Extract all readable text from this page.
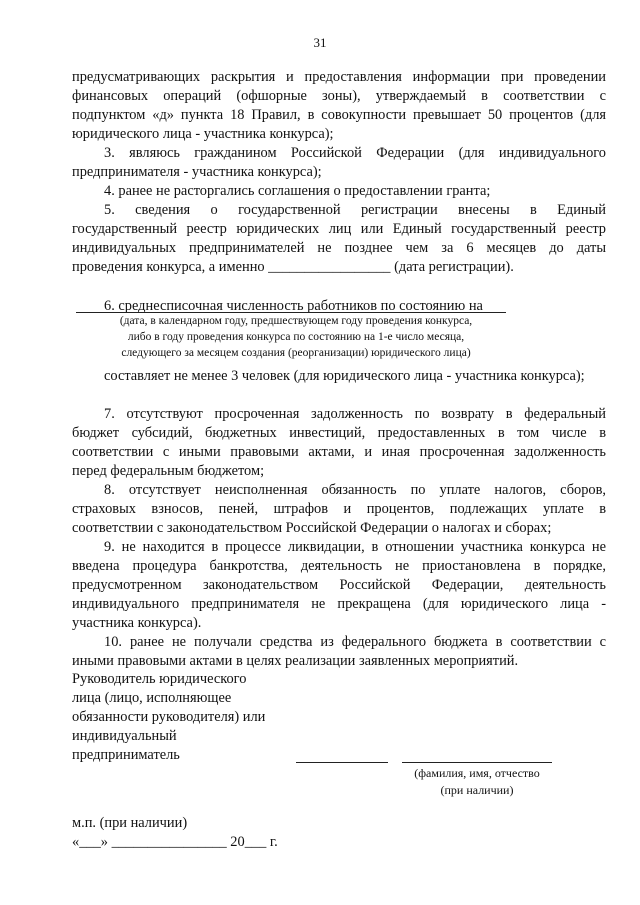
31
предусматривающих раскрытия и предоставления информации при проведении
финансовых операций (офшорные зоны), утверждаемый в соответствии с
подпунктом «д» пункта 18 Правил, в совокупности превышает 50 процентов (для
юридического лица - участника конкурса);
3. являюсь гражданином Российской Федерации (для индивидуального
предпринимателя - участника конкурса);
4. ранее не расторгались соглашения о предоставлении гранта;
5. сведения о государственной регистрации внесены в Единый
государственный реестр юридических лиц или Единый государственный реестр
индивидуальных предпринимателей не позднее чем за 6 месяцев до даты
проведения конкурса, а именно _________________ (дата регистрации).
6. среднесписочная численность работников по состоянию на
(дата, в календарном году, предшествующем году проведения конкурса,
либо в году проведения конкурса по состоянию на 1-е число месяца,
следующего за месяцем создания (реорганизации) юридического лица)
составляет не менее 3 человек (для юридического лица - участника конкурса);
7. отсутствуют просроченная задолженность по возврату в федеральный
бюджет субсидий, бюджетных инвестиций, предоставленных в том числе в
соответствии с иными правовыми актами, и иная просроченная задолженность
перед федеральным бюджетом;
8. отсутствует неисполненная обязанность по уплате налогов, сборов,
страховых взносов, пеней, штрафов и процентов, подлежащих уплате в
соответствии с законодательством Российской Федерации о налогах и сборах;
9. не находится в процессе ликвидации, в отношении участника конкурса не
введена процедура банкротства, деятельность не приостановлена в порядке,
предусмотренном законодательством Российской Федерации, деятельность
индивидуального предпринимателя не прекращена (для юридического лица -
участника конкурса).
10. ранее не получали средства из федерального бюджета в соответствии с
иными правовыми актами в целях реализации заявленных мероприятий.
Руководитель юридического
лица (лицо, исполняющее
обязанности руководителя) или
индивидуальный
предприниматель
(фамилия, имя, отчество
(при наличии)
м.п. (при наличии)
«___» ________________ 20___ г.
